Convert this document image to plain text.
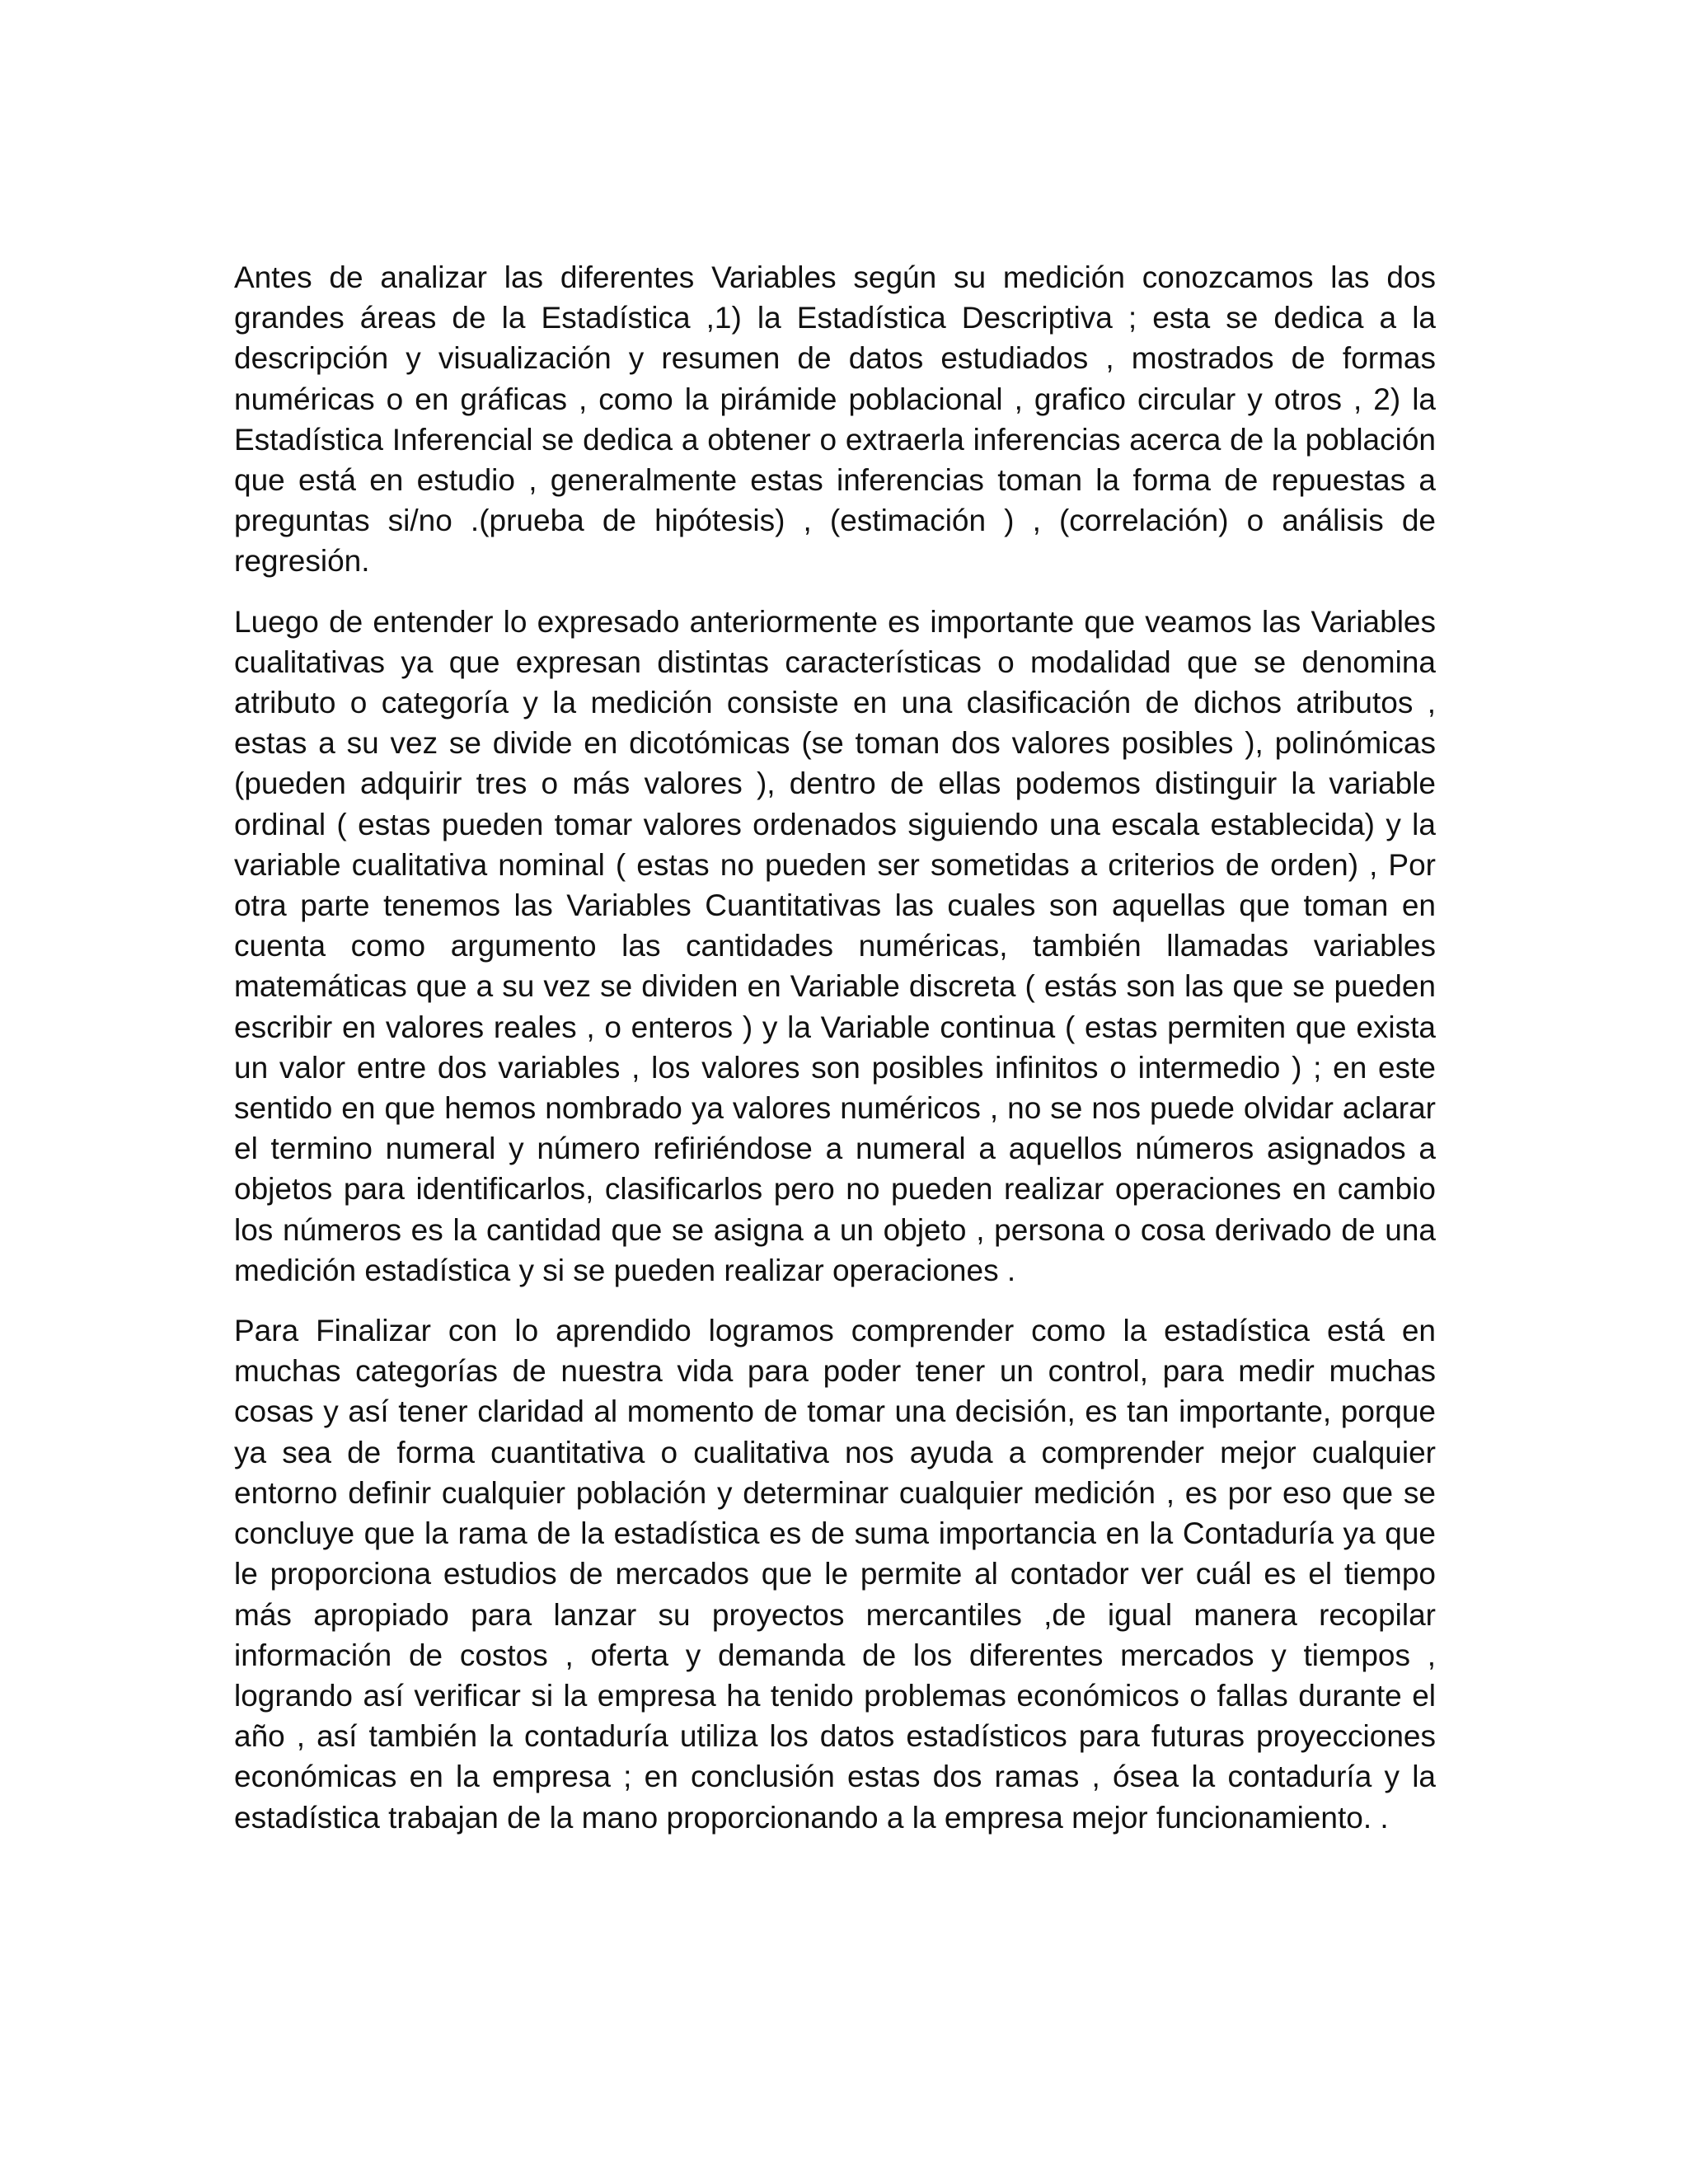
Antes de analizar las diferentes Variables según su medición conozcamos las dos grandes áreas de la Estadística ,1) la Estadística Descriptiva ; esta se dedica a la descripción y visualización y resumen de datos estudiados , mostrados de formas numéricas o en gráficas , como la pirámide poblacional , grafico circular y otros , 2) la Estadística Inferencial se dedica a obtener o extraerla inferencias acerca de la población que está en estudio , generalmente estas inferencias toman la forma de repuestas a preguntas si/no .(prueba de hipótesis) , (estimación ) , (correlación) o análisis de regresión.

Luego de entender lo expresado anteriormente es importante que veamos las Variables cualitativas ya que expresan distintas características o modalidad que se denomina atributo o categoría y la medición consiste en una clasificación de dichos atributos , estas a su vez se divide en dicotómicas (se toman dos valores posibles ), polinómicas (pueden adquirir tres o más valores ), dentro de ellas podemos distinguir la variable ordinal ( estas pueden tomar valores ordenados siguiendo una escala establecida) y la variable cualitativa nominal ( estas no pueden ser sometidas a criterios de orden) , Por otra parte tenemos las Variables Cuantitativas las cuales son aquellas que toman en cuenta como argumento las cantidades numéricas, también llamadas variables matemáticas que a su vez se dividen en Variable discreta ( estás son las que se pueden escribir en valores reales , o enteros ) y la Variable continua ( estas permiten que exista un valor entre dos variables , los valores son posibles infinitos o intermedio ) ; en este sentido en que hemos nombrado ya valores numéricos , no se nos puede olvidar aclarar el termino numeral y número refiriéndose a numeral a aquellos números asignados a objetos para identificarlos, clasificarlos pero no pueden realizar operaciones en cambio los números es la cantidad que se asigna a un objeto , persona o cosa derivado de una medición estadística y si se pueden realizar operaciones .

Para Finalizar con lo aprendido logramos comprender como la estadística está en muchas categorías de nuestra vida para poder tener un control, para medir muchas cosas y así tener claridad al momento de tomar una decisión, es tan importante, porque ya sea de forma cuantitativa o cualitativa nos ayuda a comprender mejor cualquier entorno definir cualquier población y determinar cualquier medición , es por eso que se concluye que la rama de la estadística es de suma importancia en la Contaduría ya que le proporciona estudios de mercados que le permite al contador ver cuál es el tiempo más apropiado para lanzar su proyectos mercantiles ,de igual manera recopilar información de costos , oferta y demanda de los diferentes mercados y tiempos , logrando así verificar si la empresa ha tenido problemas económicos o fallas durante el año , así también la contaduría utiliza los datos estadísticos para futuras proyecciones económicas en la empresa ; en conclusión estas dos ramas , ósea la contaduría y la estadística trabajan de la mano proporcionando a la empresa mejor funcionamiento. .
